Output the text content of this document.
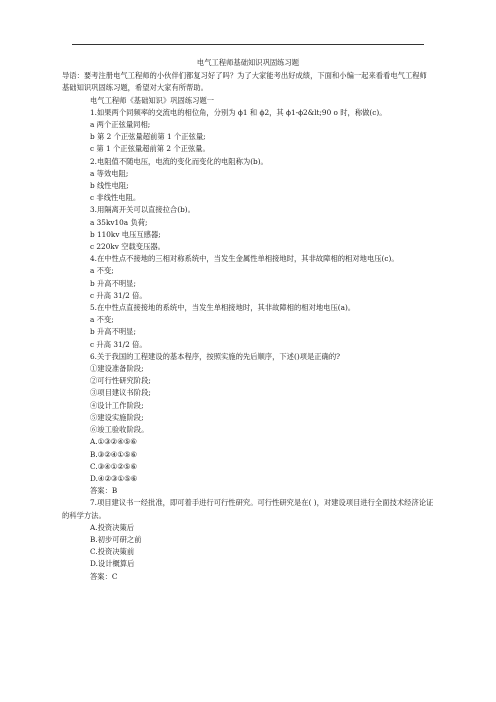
电气工程师基础知识巩固练习题
导语：要考注册电气工程师的小伙伴们都复习好了吗？为了大家能考出好成绩，下面和小编一起来看看电气工程师基础知识巩固练习题，希望对大家有所帮助。
电气工程师《基础知识》巩固练习题一
1.如果两个同频率的交流电的相位角，分别为 ϕ1 和 ϕ2，其 ϕ1-ϕ2&lt;90 o 时，称做(c)。
a 两个正弦量同相;
b 第 2 个正弦量超前第 1 个正弦量;
c 第 1 个正弦量超前第 2 个正弦量。
2.电阻值不随电压，电流的变化而变化的电阻称为(b)。
a 等效电阻;
b 线性电阻;
c 非线性电阻。
3.用隔离开关可以直接拉合(b)。
a 35kv10a 负荷;
b 110kv 电压互感器;
c 220kv 空载变压器。
4.在中性点不接地的三相对称系统中，当发生金属性单相接地时，其非故障相的相对地电压(c)。
a 不变;
b 升高不明显;
c 升高 31/2 倍。
5.在中性点直接接地的系统中，当发生单相接地时，其非故障相的相对地电压(a)。
a 不变;
b 升高不明显;
c 升高 31/2 倍。
6.关于我国的工程建设的基本程序，按照实施的先后顺序，下述()项是正确的?
①建设准备阶段;
②可行性研究阶段;
③项目建议书阶段;
④设计工作阶段;
⑤建设实施阶段;
⑥竣工验收阶段。
A.①③②④⑤⑥
B.③②④①⑤⑥
C.③④①②⑤⑥
D.④②③①⑤⑥
答案：B
7.项目建议书一经批准，即可着手进行可行性研究。可行性研究是在( )，对建设项目进行全面技术经济论证的科学方法。
A.投资决策后
B.初步可研之前
C.投资决策前
D.设计概算后
答案：C
